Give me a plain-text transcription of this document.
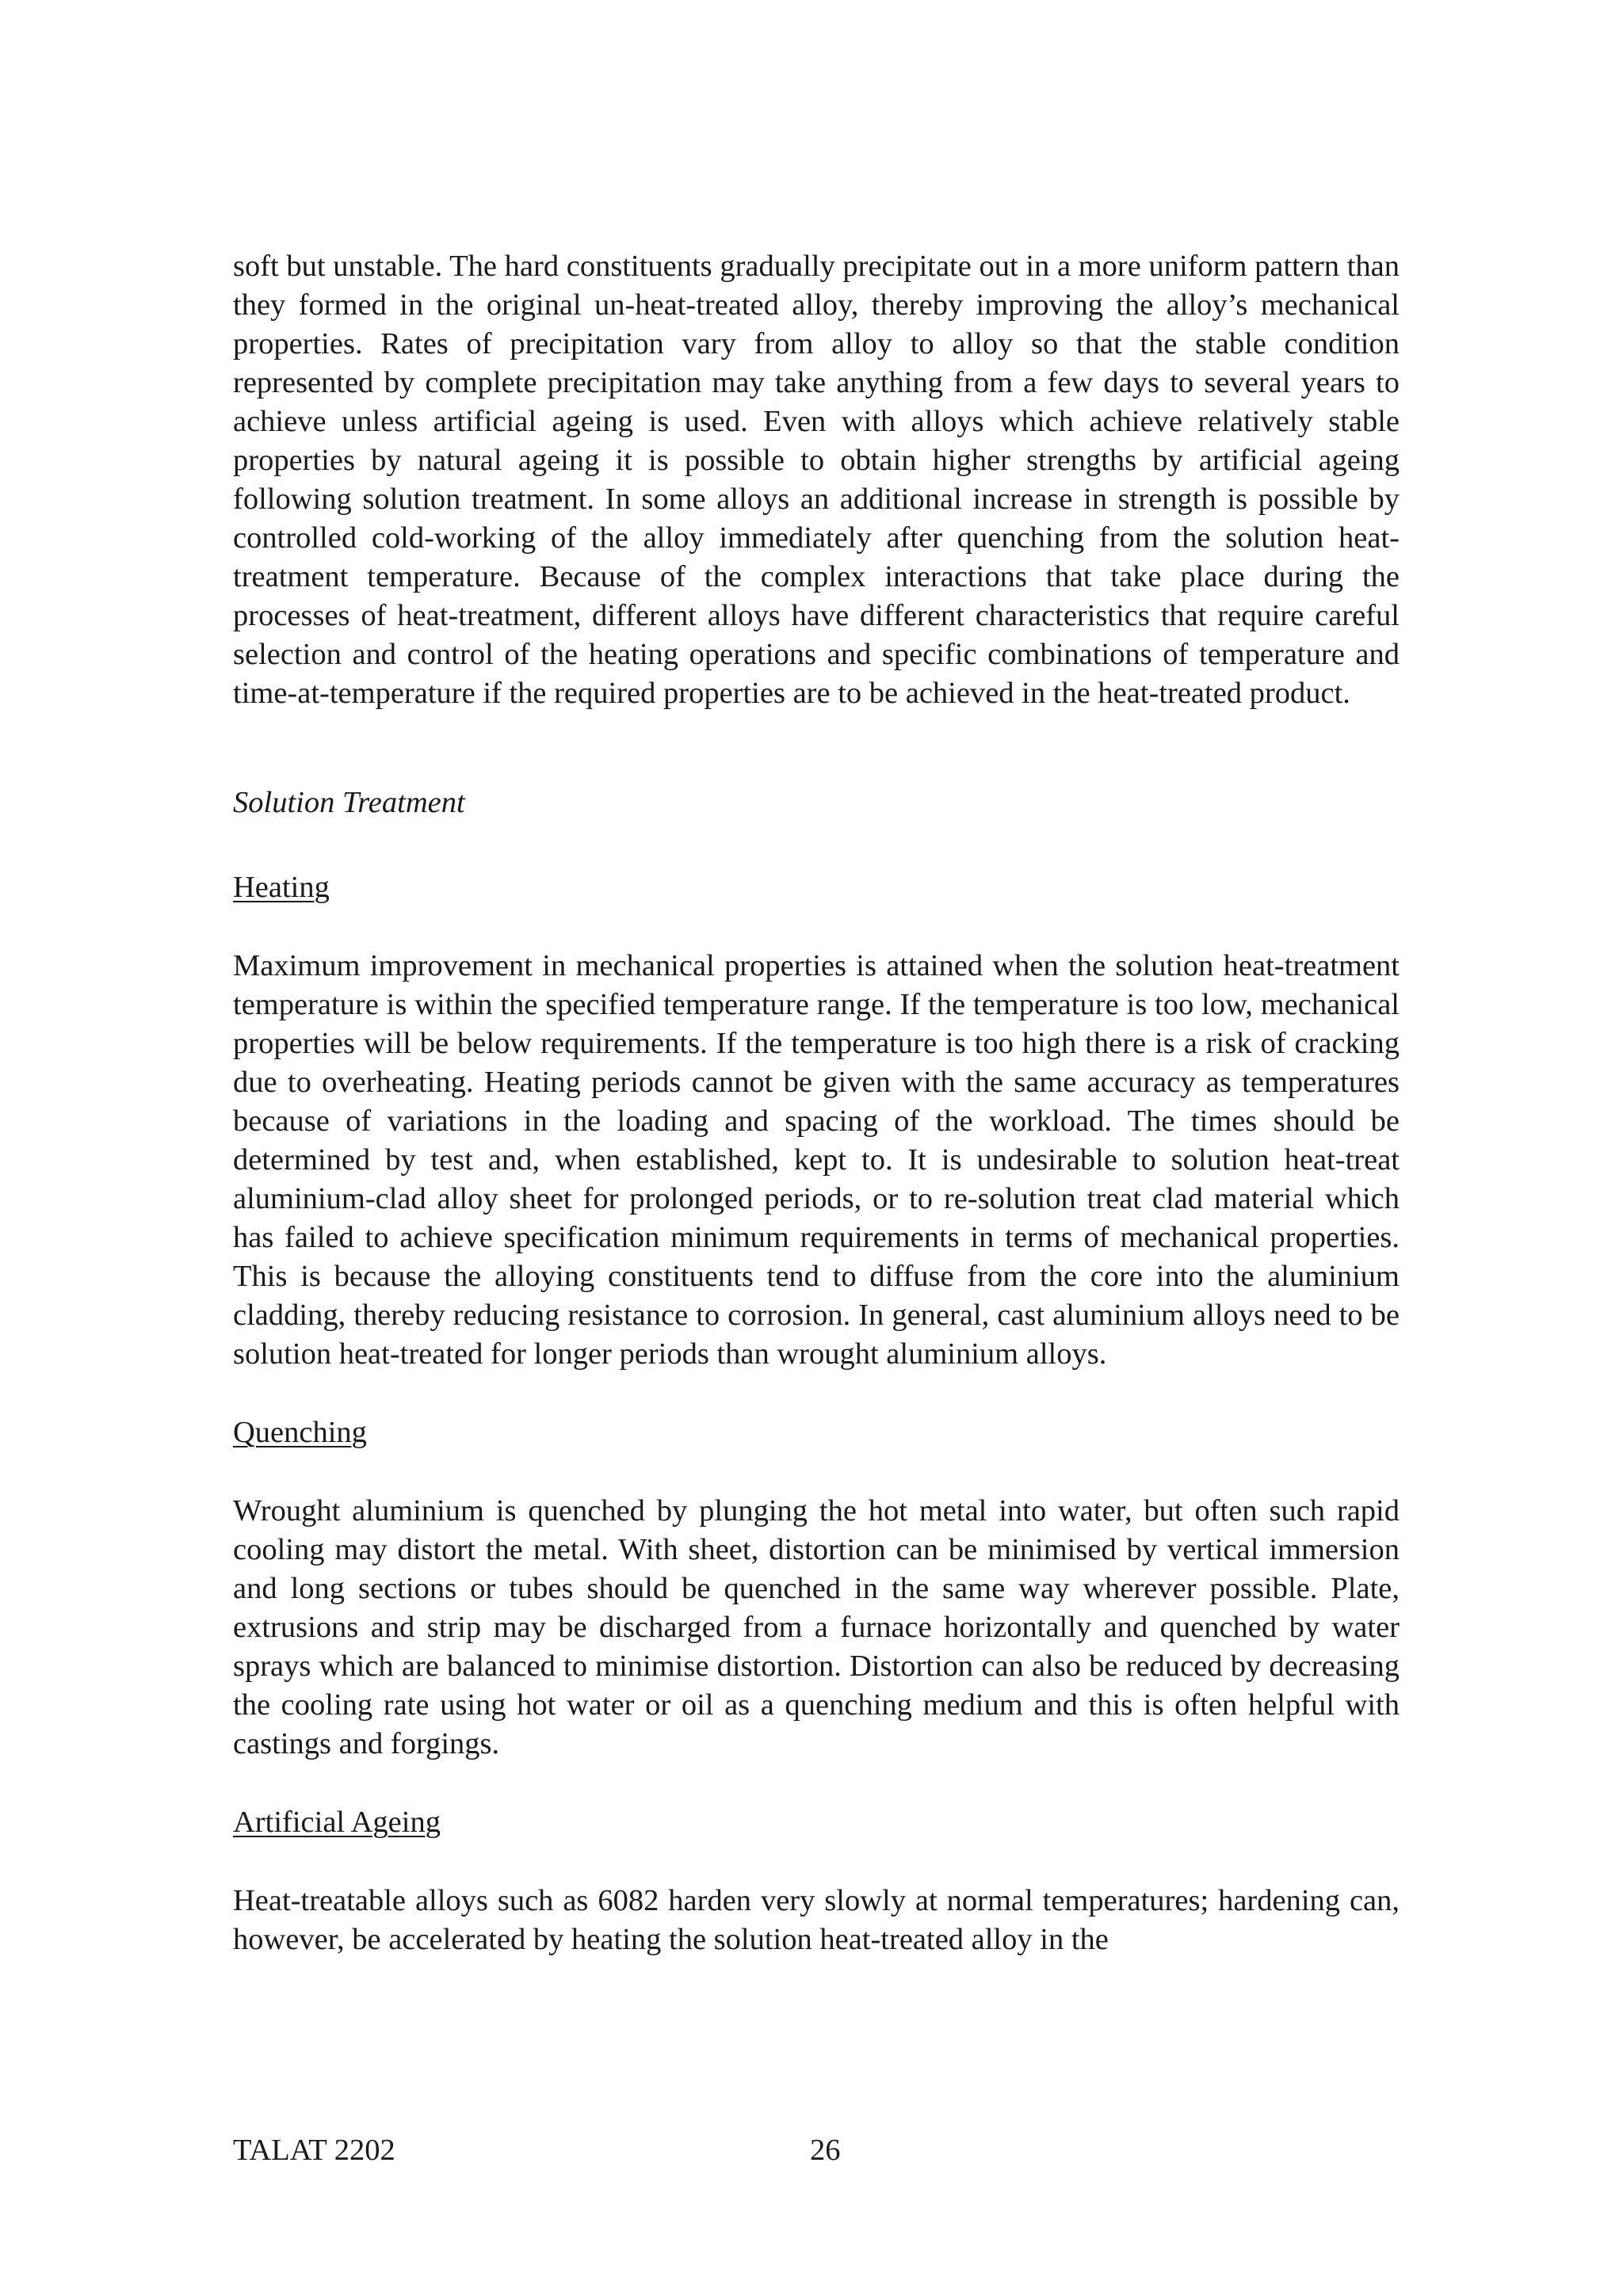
soft but unstable. The hard constituents gradually precipitate out in a more uniform pattern than they formed in the original un-heat-treated alloy, thereby improving the alloy’s mechanical properties. Rates of precipitation vary from alloy to alloy so that the stable condition represented by complete precipitation may take anything from a few days to several years to achieve unless artificial ageing is used. Even with alloys which achieve relatively stable properties by natural ageing it is possible to obtain higher strengths by artificial ageing following solution treatment. In some alloys an additional increase in strength is possible by controlled cold-working of the alloy immediately after quenching from the solution heat-treatment temperature. Because of the complex interactions that take place during the processes of heat-treatment, different alloys have different characteristics that require careful selection and control of the heating operations and specific combinations of temperature and time-at-temperature if the required properties are to be achieved in the heat-treated product.

Solution Treatment

Heating

Maximum improvement in mechanical properties is attained when the solution heat-treatment temperature is within the specified temperature range. If the temperature is too low, mechanical properties will be below requirements. If the temperature is too high there is a risk of cracking due to overheating. Heating periods cannot be given with the same accuracy as temperatures because of variations in the loading and spacing of the workload. The times should be determined by test and, when established, kept to. It is undesirable to solution heat-treat aluminium-clad alloy sheet for prolonged periods, or to re-solution treat clad material which has failed to achieve specification minimum requirements in terms of mechanical properties. This is because the alloying constituents tend to diffuse from the core into the aluminium cladding, thereby reducing resistance to corrosion. In general, cast aluminium alloys need to be solution heat-treated for longer periods than wrought aluminium alloys.

Quenching

Wrought aluminium is quenched by plunging the hot metal into water, but often such rapid cooling may distort the metal. With sheet, distortion can be minimised by vertical immersion and long sections or tubes should be quenched in the same way wherever possible. Plate, extrusions and strip may be discharged from a furnace horizontally and quenched by water sprays which are balanced to minimise distortion. Distortion can also be reduced by decreasing the cooling rate using hot water or oil as a quenching medium and this is often helpful with castings and forgings.

Artificial Ageing

Heat-treatable alloys such as 6082 harden very slowly at normal temperatures; hardening can, however, be accelerated by heating the solution heat-treated alloy in the

TALAT 2202	26
